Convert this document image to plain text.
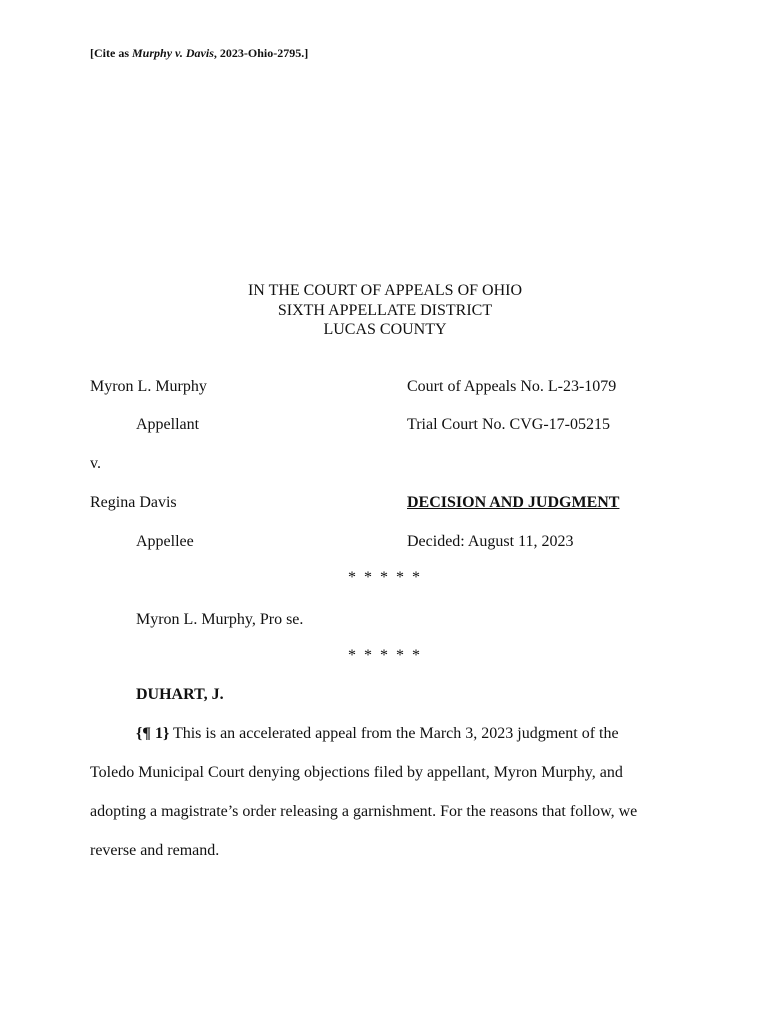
[Cite as Murphy v. Davis, 2023-Ohio-2795.]
IN THE COURT OF APPEALS OF OHIO
SIXTH APPELLATE DISTRICT
LUCAS COUNTY
Myron L. Murphy
Appellant
v.
Regina Davis
Appellee
Court of Appeals No. L-23-1079
Trial Court No. CVG-17-05215
DECISION AND JUDGMENT
Decided: August 11, 2023
* * * * *
Myron L. Murphy, Pro se.
* * * * *
DUHART, J.
{¶ 1} This is an accelerated appeal from the March 3, 2023 judgment of the
Toledo Municipal Court denying objections filed by appellant, Myron Murphy, and
adopting a magistrate’s order releasing a garnishment. For the reasons that follow, we
reverse and remand.
